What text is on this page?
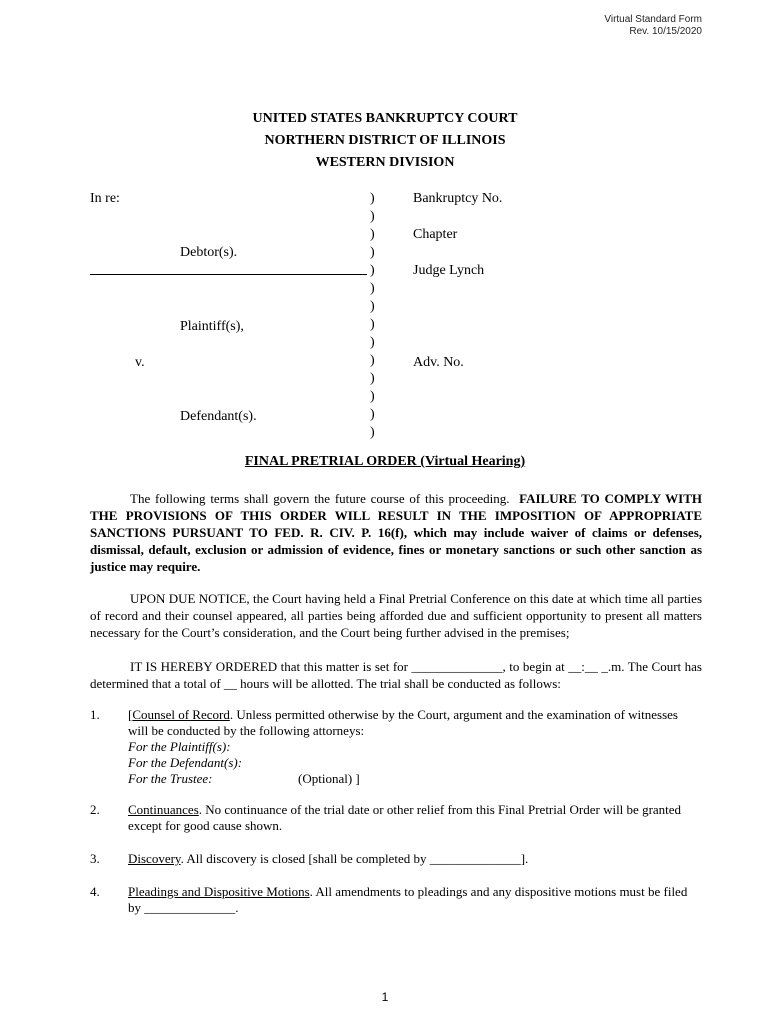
Virtual Standard Form
Rev. 10/15/2020
UNITED STATES BANKRUPTCY COURT
NORTHERN DISTRICT OF ILLINOIS
WESTERN DIVISION
In re:
Debtor(s).
Plaintiff(s),
v.
Defendant(s).
)
)
)
)
)
)
)
)
)
)
)
)
)
)
Bankruptcy No.
Chapter
Judge Lynch
Adv. No.
FINAL PRETRIAL ORDER (Virtual Hearing)

The following terms shall govern the future course of this proceeding. FAILURE TO COMPLY WITH THE PROVISIONS OF THIS ORDER WILL RESULT IN THE IMPOSITION OF APPROPRIATE SANCTIONS PURSUANT TO FED. R. CIV. P. 16(f), which may include waiver of claims or defenses, dismissal, default, exclusion or admission of evidence, fines or monetary sanctions or such other sanction as justice may require.

UPON DUE NOTICE, the Court having held a Final Pretrial Conference on this date at which time all parties of record and their counsel appeared, all parties being afforded due and sufficient opportunity to present all matters necessary for the Court’s consideration, and the Court being further advised in the premises;

IT IS HEREBY ORDERED that this matter is set for ______________, to begin at __:__ _.m. The Court has determined that a total of __ hours will be allotted. The trial shall be conducted as follows:

1. [Counsel of Record. Unless permitted otherwise by the Court, argument and the examination of witnesses will be conducted by the following attorneys:
For the Plaintiff(s):
For the Defendant(s):
For the Trustee:	(Optional) ]
2. Continuances. No continuance of the trial date or other relief from this Final Pretrial Order will be granted except for good cause shown.
3. Discovery. All discovery is closed [shall be completed by ______________].
4. Pleadings and Dispositive Motions. All amendments to pleadings and any dispositive motions must be filed by ______________.
1
